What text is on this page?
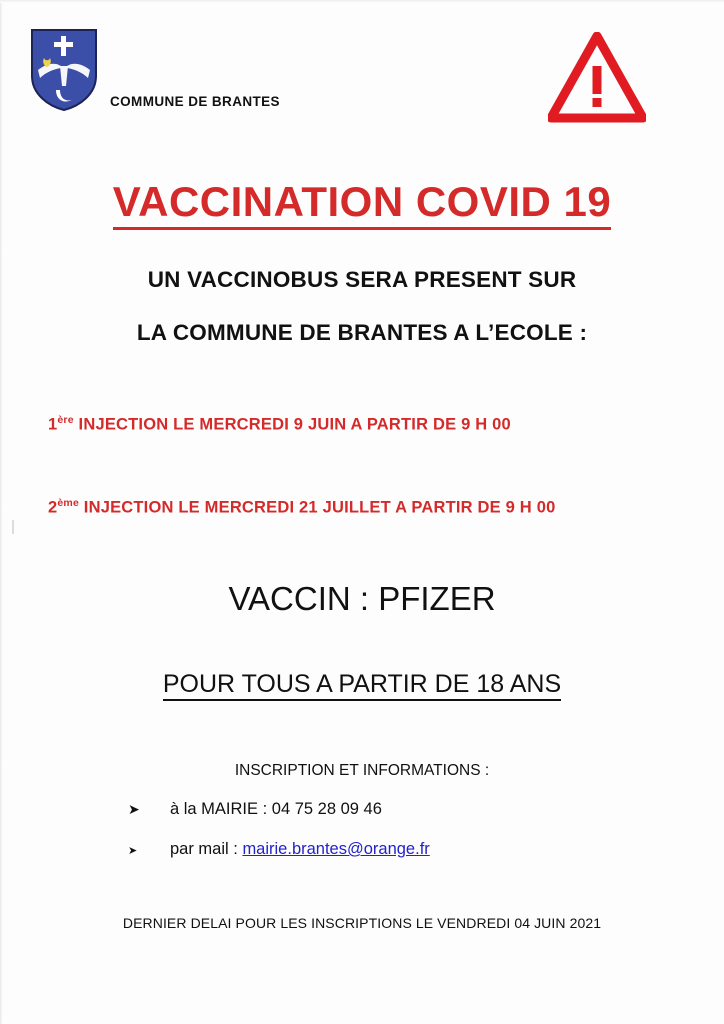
COMMUNE DE BRANTES
VACCINATION COVID 19
UN VACCINOBUS SERA PRESENT SUR
LA COMMUNE DE BRANTES A L’ECOLE :
1ère INJECTION LE MERCREDI 9 JUIN A PARTIR DE 9 H 00
2ème INJECTION LE MERCREDI 21 JUILLET A PARTIR DE 9 H 00
VACCIN : PFIZER
POUR TOUS A PARTIR DE 18 ANS
INSCRIPTION ET INFORMATIONS :
➤ à la MAIRIE : 04 75 28 09 46
➤ par mail : mairie.brantes@orange.fr
DERNIER DELAI POUR LES INSCRIPTIONS LE VENDREDI 04 JUIN 2021
